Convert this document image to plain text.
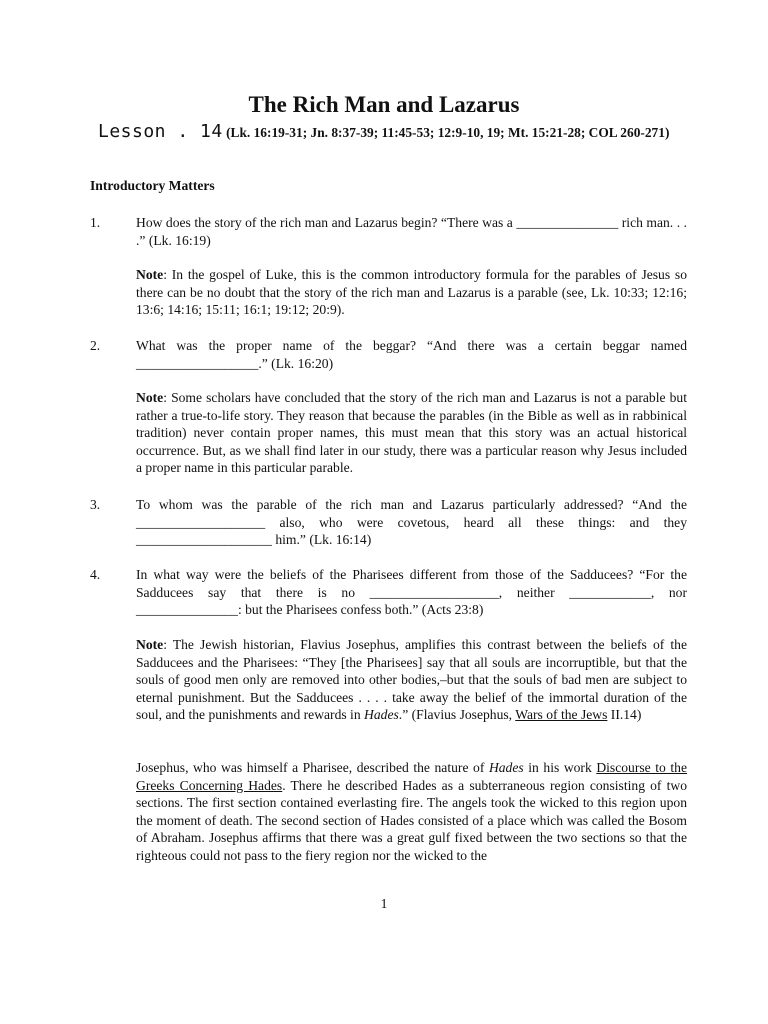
The Rich Man and Lazarus
Lesson . 14 (Lk. 16:19-31; Jn. 8:37-39; 11:45-53; 12:9-10, 19; Mt. 15:21-28; COL 260-271)
Introductory Matters
1.	How does the story of the rich man and Lazarus begin? “There was a _______________ rich man. . . .” (Lk. 16:19)

Note: In the gospel of Luke, this is the common introductory formula for the parables of Jesus so there can be no doubt that the story of the rich man and Lazarus is a parable (see, Lk. 10:33; 12:16; 13:6; 14:16; 15:11; 16:1; 19:12; 20:9).

2.	What was the proper name of the beggar? “And there was a certain beggar named __________________.” (Lk. 16:20)

Note: Some scholars have concluded that the story of the rich man and Lazarus is not a parable but rather a true-to-life story. They reason that because the parables (in the Bible as well as in rabbinical tradition) never contain proper names, this must mean that this story was an actual historical occurrence. But, as we shall find later in our study, there was a particular reason why Jesus included a proper name in this particular parable.

3.	To whom was the parable of the rich man and Lazarus particularly addressed? “And the ___________________ also, who were covetous, heard all these things: and they ____________________ him.” (Lk. 16:14)

4.	In what way were the beliefs of the Pharisees different from those of the Sadducees? “For the Sadducees say that there is no ___________________, neither ____________, nor _______________: but the Pharisees confess both.” (Acts 23:8)

Note: The Jewish historian, Flavius Josephus, amplifies this contrast between the beliefs of the Sadducees and the Pharisees: “They [the Pharisees] say that all souls are incorruptible, but that the souls of good men only are removed into other bodies,–but that the souls of bad men are subject to eternal punishment. But the Sadducees . . . . take away the belief of the immortal duration of the soul, and the punishments and rewards in Hades.” (Flavius Josephus, Wars of the Jews II.14)

Josephus, who was himself a Pharisee, described the nature of Hades in his work Discourse to the Greeks Concerning Hades. There he described Hades as a subterraneous region consisting of two sections. The first section contained everlasting fire. The angels took the wicked to this region upon the moment of death. The second section of Hades consisted of a place which was called the Bosom of Abraham. Josephus affirms that there was a great gulf fixed between the two sections so that the righteous could not pass to the fiery region nor the wicked to the

1
